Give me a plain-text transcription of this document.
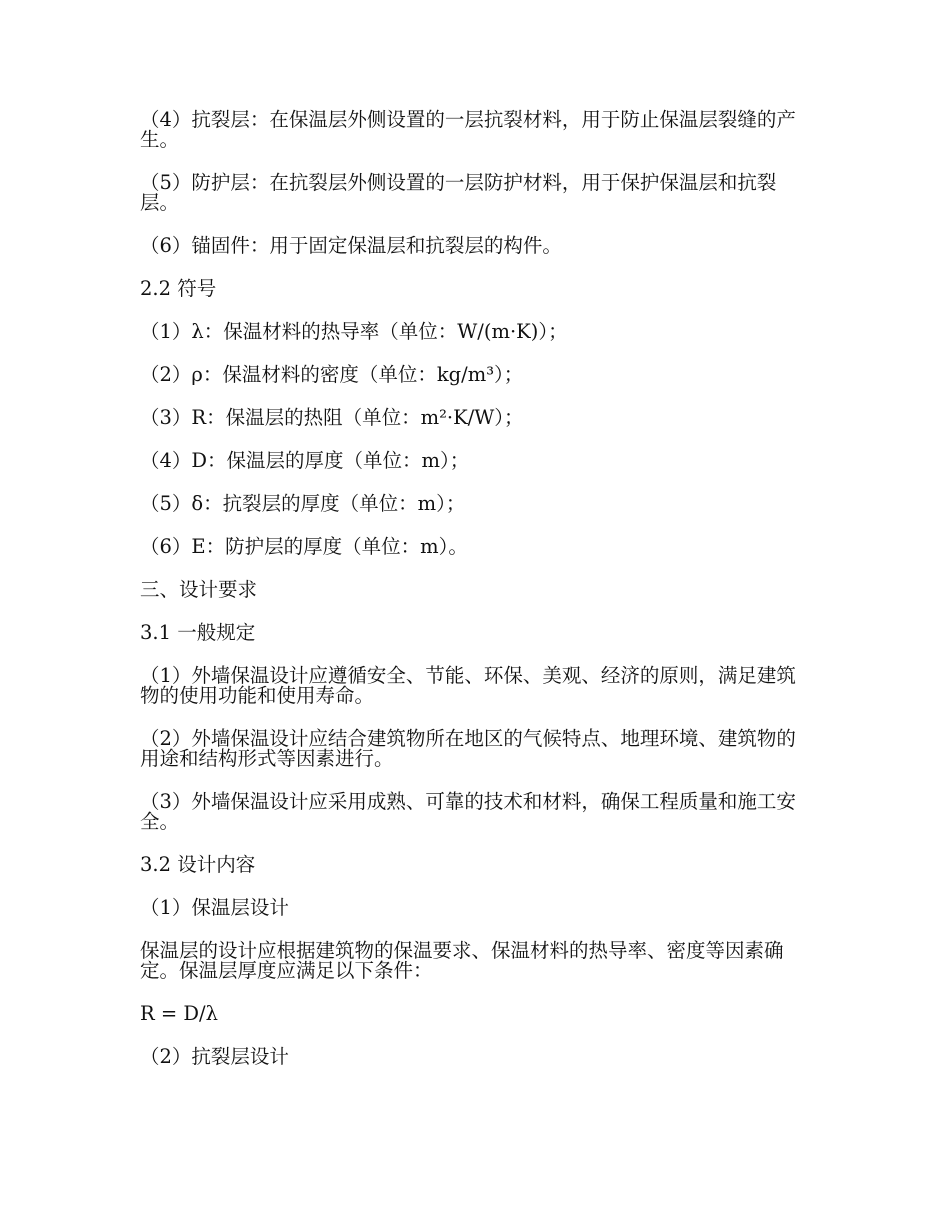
（4）抗裂层：在保温层外侧设置的一层抗裂材料，用于防止保温层裂缝的产生。

（5）防护层：在抗裂层外侧设置的一层防护材料，用于保护保温层和抗裂层。

（6）锚固件：用于固定保温层和抗裂层的构件。

2.2 符号

（1）λ：保温材料的热导率（单位：W/(m·K)）；

（2）ρ：保温材料的密度（单位：kg/m³）；

（3）R：保温层的热阻（单位：m²·K/W）；

（4）D：保温层的厚度（单位：m）；

（5）δ：抗裂层的厚度（单位：m）；

（6）E：防护层的厚度（单位：m）。

三、设计要求

3.1 一般规定

（1）外墙保温设计应遵循安全、节能、环保、美观、经济的原则，满足建筑物的使用功能和使用寿命。

（2）外墙保温设计应结合建筑物所在地区的气候特点、地理环境、建筑物的用途和结构形式等因素进行。

（3）外墙保温设计应采用成熟、可靠的技术和材料，确保工程质量和施工安全。

3.2 设计内容

（1）保温层设计

保温层的设计应根据建筑物的保温要求、保温材料的热导率、密度等因素确定。保温层厚度应满足以下条件：

R = D/λ

（2）抗裂层设计
